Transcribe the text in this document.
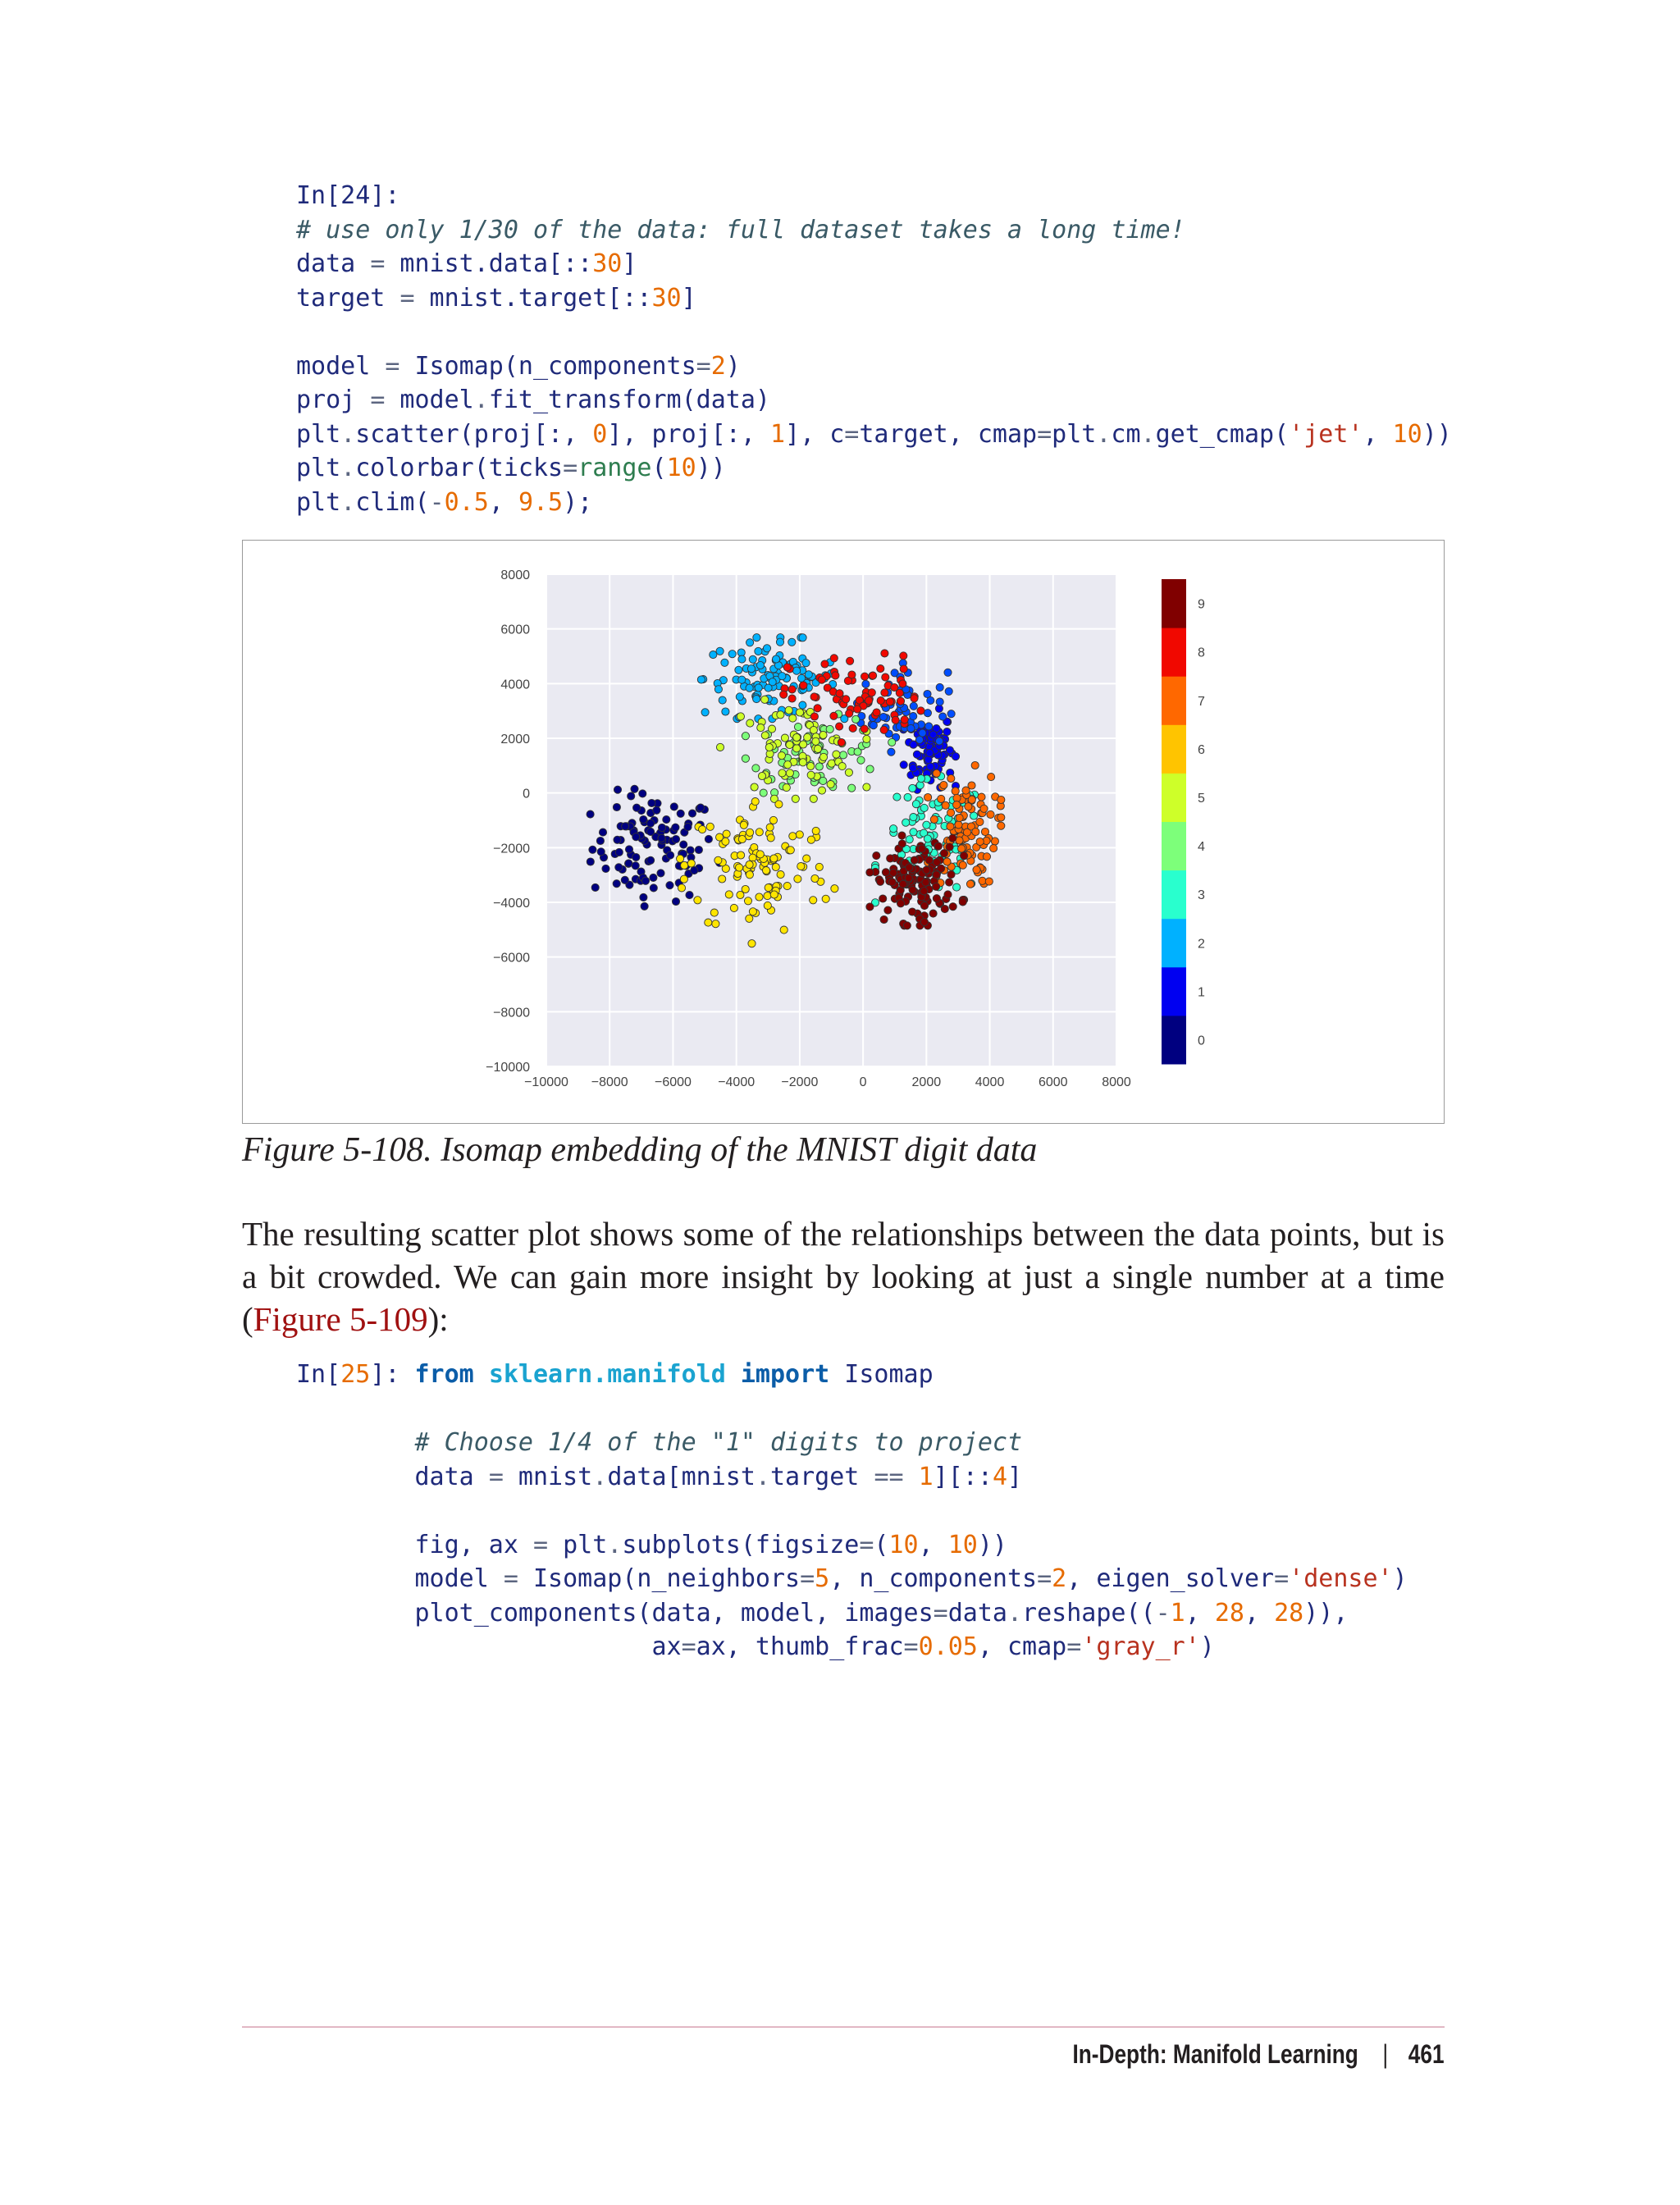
In[24]:
# use only 1/30 of the data: full dataset takes a long time!
data = mnist.data[::30]
target = mnist.target[::30]
model = Isomap(n_components=2)
proj = model.fit_transform(data)
plt.scatter(proj[:, 0], proj[:, 1], c=target, cmap=plt.cm.get_cmap('jet', 10))
plt.colorbar(ticks=range(10))
plt.clim(-0.5, 9.5);
−10000 −8000 −6000 −4000 −2000	0	2000	4000	6000	8000
8000
6000
4000
2000
0
−2000
−4000
−6000
−8000
−10000
0
1
2
3
4
5
6
7
8
9
Figure 5-108. Isomap embedding of the MNIST digit data
The resulting scatter plot shows some of the relationships between the data points, but is a bit crowded. We can gain more insight by looking at just a single number at a time (Figure 5-109):
In[25]: from sklearn.manifold import Isomap
# Choose 1/4 of the "1" digits to project
data = mnist.data[mnist.target == 1][::4]
fig, ax = plt.subplots(figsize=(10, 10))
model = Isomap(n_neighbors=5, n_components=2, eigen_solver='dense')
plot_components(data, model, images=data.reshape((-1, 28, 28)),
ax=ax, thumb_frac=0.05, cmap='gray_r')
In-Depth: Manifold Learning | 461
